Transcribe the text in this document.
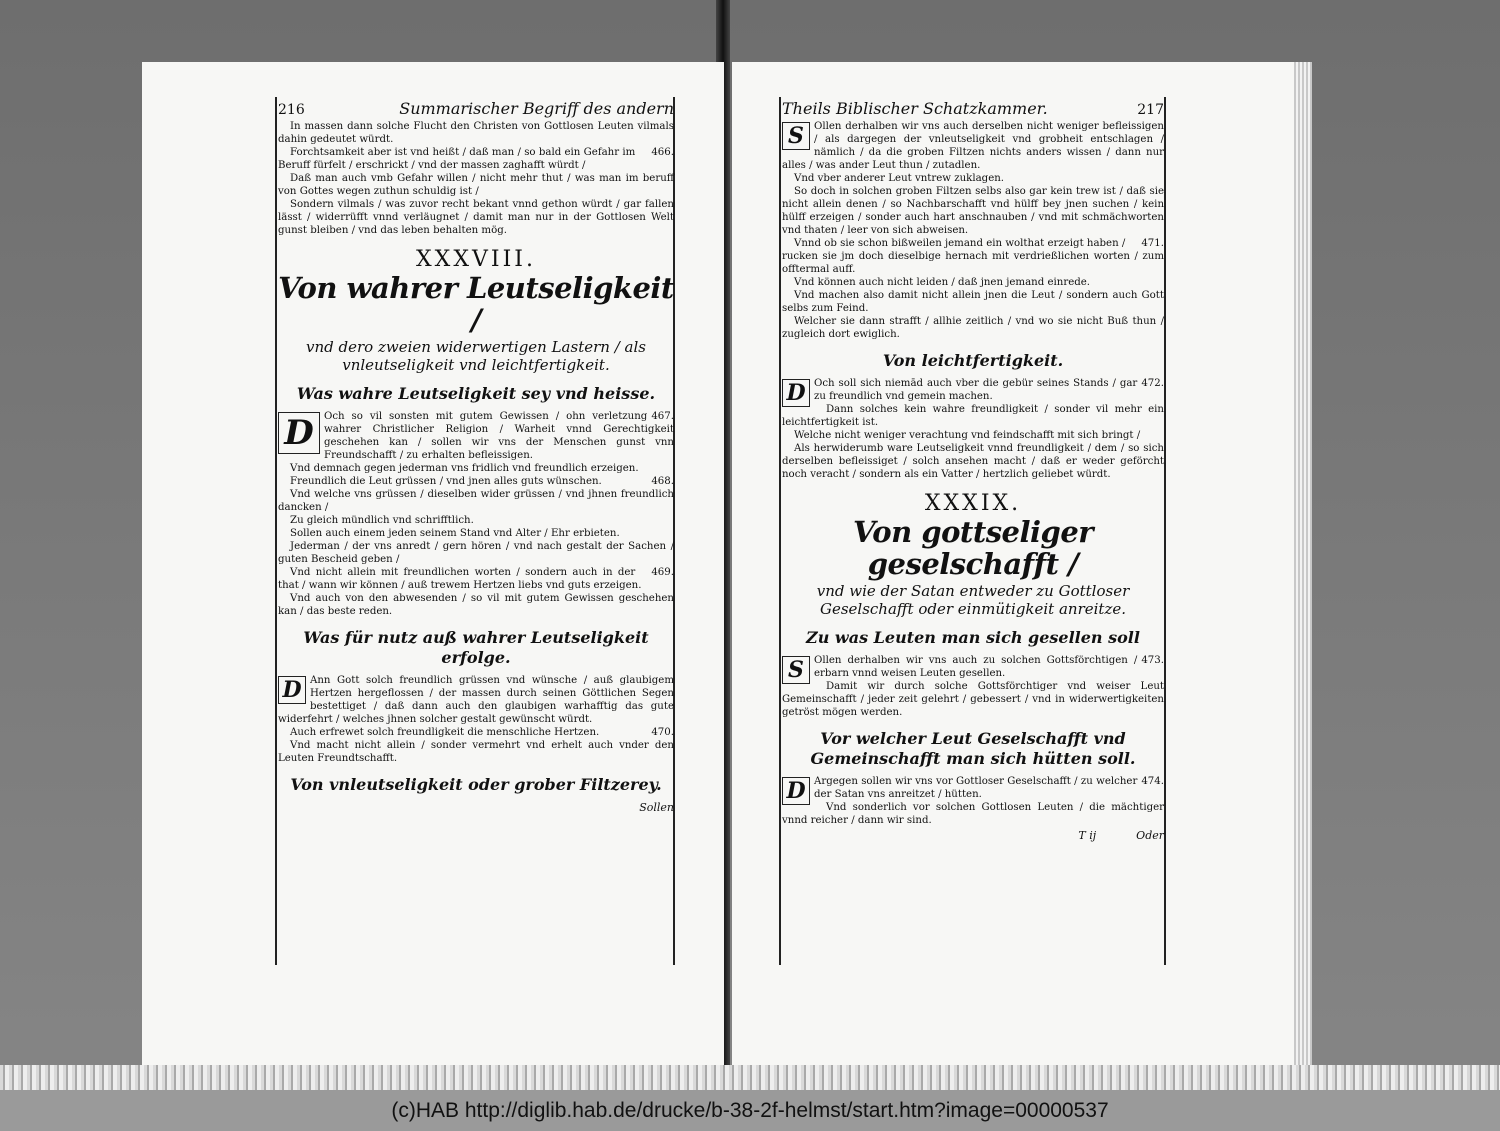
216	Summarischer Begriff des andern

In massen dann solche Flucht den Christen von Gottlosen Leuten vilmals dahin gedeutet würdt.

466.
Forchtsamkeit aber ist vnd heißt / daß man / so bald ein Gefahr im Beruff fürfelt / erschrickt / vnd der massen zaghafft würdt /

Daß man auch vmb Gefahr willen / nicht mehr thut / was man im beruff von Gottes wegen zuthun schuldig ist /

Sondern vilmals / was zuvor recht bekant vnnd gethon würdt / gar fallen lässt / widerrüfft vnnd verläugnet / damit man nur in der Gottlosen Welt gunst bleiben / vnd das leben behalten mög.

XXXVIII.
Von wahrer Leutseligkeit /
vnd dero zweien widerwertigen Lastern / als vnleutseligkeit vnd leichtfertigkeit.
Was wahre Leutseligkeit sey vnd heisse.

D	467.
Och so vil sonsten mit gutem Gewissen / ohn verletzung wahrer Christlicher Religion / Warheit vnnd Gerechtigkeit geschehen kan / sollen wir vns der Menschen gunst vnn Freundschafft / zu erhalten befleissigen.

Vnd demnach gegen jederman vns fridlich vnd freundlich erzeigen.

468.
Freundlich die Leut grüssen / vnd jnen alles guts wünschen.

Vnd welche vns grüssen / dieselben wider grüssen / vnd jhnen freundlich dancken /

Zu gleich mündlich vnd schrifftlich.

Sollen auch einem jeden seinem Stand vnd Alter / Ehr erbieten.

Jederman / der vns anredt / gern hören / vnd nach gestalt der Sachen / guten Bescheid geben /

469.
Vnd nicht allein mit freundlichen worten / sondern auch in der that / wann wir können / auß trewem Hertzen liebs vnd guts erzeigen.

Vnd auch von den abwesenden / so vil mit gutem Gewissen geschehen kan / das beste reden.

Was für nutz auß wahrer Leutseligkeit erfolge.

D Ann Gott solch freundlich grüssen vnd wünsche / auß glaubigem Hertzen hergeflossen / der massen durch seinen Göttlichen Segen bestettiget / daß dann auch den glaubigen warhafftig das gute widerfehrt / welches jhnen solcher gestalt gewünscht würdt.

470.
Auch erfrewet solch freundligkeit die menschliche Hertzen.

Vnd macht nicht allein / sonder vermehrt vnd erhelt auch vnder den Leuten Freundtschafft.

Von vnleutseligkeit oder grober Filtzerey.
Sollen
Theils Biblischer Schatzkammer.	217

S Ollen derhalben wir vns auch derselben nicht weniger befleissigen / als dargegen der vnleutseligkeit vnd grobheit entschlagen / nämlich / da die groben Filtzen nichts anders wissen / dann nur alles / was ander Leut thun / zutadlen.

Vnd vber anderer Leut vntrew zuklagen.

So doch in solchen groben Filtzen selbs also gar kein trew ist / daß sie nicht allein denen / so Nachbarschafft vnd hülff bey jnen suchen / kein hülff erzeigen / sonder auch hart anschnauben / vnd mit schmächworten vnd thaten / leer von sich abweisen.

471.
Vnnd ob sie schon bißweilen jemand ein wolthat erzeigt haben / rucken sie jm doch dieselbige hernach mit verdrießlichen worten / zum offtermal auff.

Vnd können auch nicht leiden / daß jnen jemand einrede.

Vnd machen also damit nicht allein jnen die Leut / sondern auch Gott selbs zum Feind.

Welcher sie dann strafft / allhie zeitlich / vnd wo sie nicht Buß thun / zugleich dort ewiglich.

Von leichtfertigkeit.

D	472.
Och soll sich niemād auch vber die gebür seines Stands / gar zu freundlich vnd gemein machen.

Dann solches kein wahre freundligkeit / sonder vil mehr ein leichtfertigkeit ist.

Welche nicht weniger verachtung vnd feindschafft mit sich bringt /

Als herwiderumb ware Leutseligkeit vnnd freundligkeit / dem / so sich derselben befleissiget / solch ansehen macht / daß er weder geförcht noch veracht / sondern als ein Vatter / hertzlich geliebet würdt.

XXXIX.
Von gottseliger geselschafft /
vnd wie der Satan entweder zu Gottloser Geselschafft oder einmütigkeit anreitze.
Zu was Leuten man sich gesellen soll

S	473.
Ollen derhalben wir vns auch zu solchen Gottsförchtigen / erbarn vnnd weisen Leuten gesellen.

Damit wir durch solche Gottsförchtiger vnd weiser Leut Gemeinschafft / jeder zeit gelehrt / gebessert / vnd in widerwertigkeiten getröst mögen werden.

Vor welcher Leut Geselschafft vnd Gemeinschafft man sich hütten soll.

D	474.
Argegen sollen wir vns vor Gottloser Geselschafft / zu welcher der Satan vns anreitzet / hütten.

Vnd sonderlich vor solchen Gottlosen Leuten / die mächtiger vnnd reicher / dann wir sind.

T ij	Oder
(c)HAB http://diglib.hab.de/drucke/b-38-2f-helmst/start.htm?image=00000537
